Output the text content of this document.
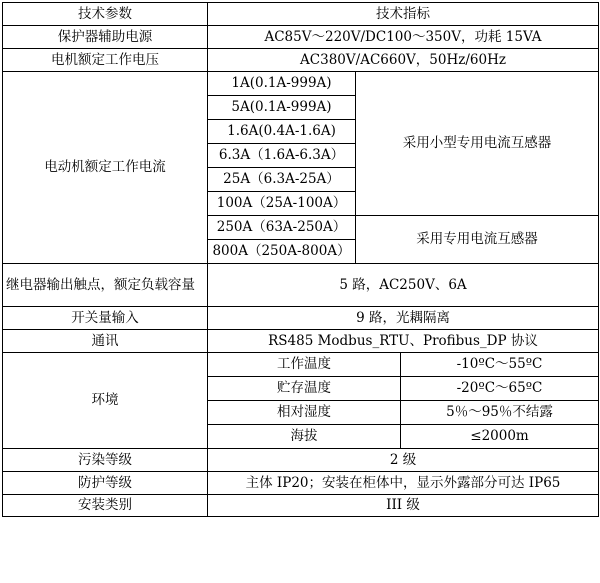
技术参数	技术指标		
保护器辅助电源	AC85V～220V/DC100～350V，功耗 15VA		
电机额定工作电压	AC380V/AC660V，50Hz/60Hz		
电动机额定工作电流	1A(0.1A-999A)	采用小型专用电流互感器	
	5A(0.1A-999A)		
	1.6A(0.4A-1.6A)		
	6.3A（1.6A-6.3A）		
	25A（6.3A-25A）		
	100A（25A-100A）		
	250A（63A-250A）	采用专用电流互感器	
	800A（250A-800A）		
继电器输出触点，额定负载容量	5 路，AC250V、6A		
开关量输入	9 路，光耦隔离		
通讯	RS485 Modbus_RTU、Profibus_DP 协议		
环境	工作温度		-10ºC～55ºC
	贮存温度		-20ºC～65ºC
	相对湿度		5％～95％不结露
	海拔		≤2000m
污染等级	2 级		
防护等级	主体 IP20；安装在柜体中，显示外露部分可达 IP65		
安装类别	III 级		
